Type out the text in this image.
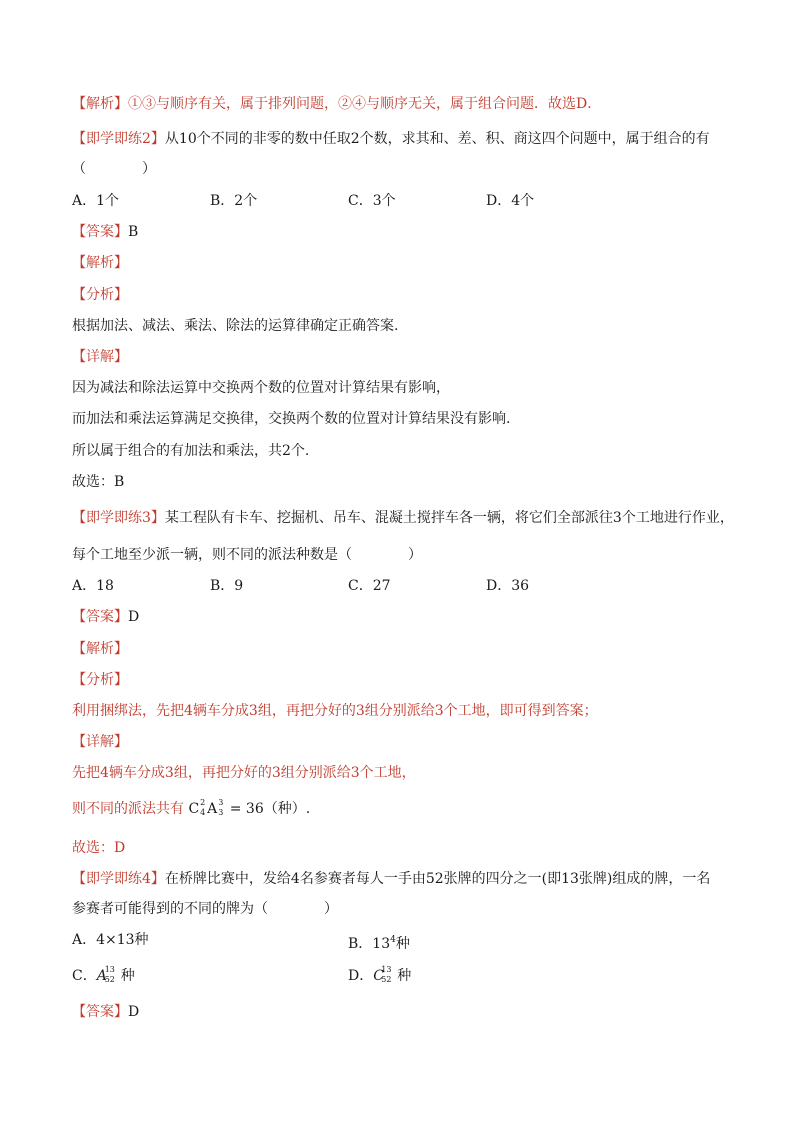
【解析】①③与顺序有关，属于排列问题，②④与顺序无关，属于组合问题．故选D．
【即学即练2】从10个不同的非零的数中任取2个数，求其和、差、积、商这四个问题中，属于组合的有
（　　　　）
A．1个	B．2个	C．3个	D．4个
【答案】B
【解析】
【分析】
根据加法、减法、乘法、除法的运算律确定正确答案.
【详解】
因为减法和除法运算中交换两个数的位置对计算结果有影响，
而加法和乘法运算满足交换律，交换两个数的位置对计算结果没有影响.
所以属于组合的有加法和乘法，共2个.
故选：B
【即学即练3】某工程队有卡车、挖掘机、吊车、混凝土搅拌车各一辆，将它们全部派往3个工地进行作业，
每个工地至少派一辆，则不同的派法种数是（　　　　）
A．18	B．9	C．27	D．36
【答案】D
【解析】
【分析】
利用捆绑法，先把4辆车分成3组，再把分好的3组分别派给3个工地，即可得到答案；
【详解】
先把4辆车分成3组，再把分好的3组分别派给3个工地，
则不同的派法共有 C 2
4 A 3
3 = 36（种）.
故选：D
【即学即练4】在桥牌比赛中，发给4名参赛者每人一手由52张牌的四分之一(即13张牌)组成的牌，一名
参赛者可能得到的不同的牌为（　　　　）
A．4×13种	B．$13^4$种
C． A
13
52 种	D． C
13
52 种
【答案】D
